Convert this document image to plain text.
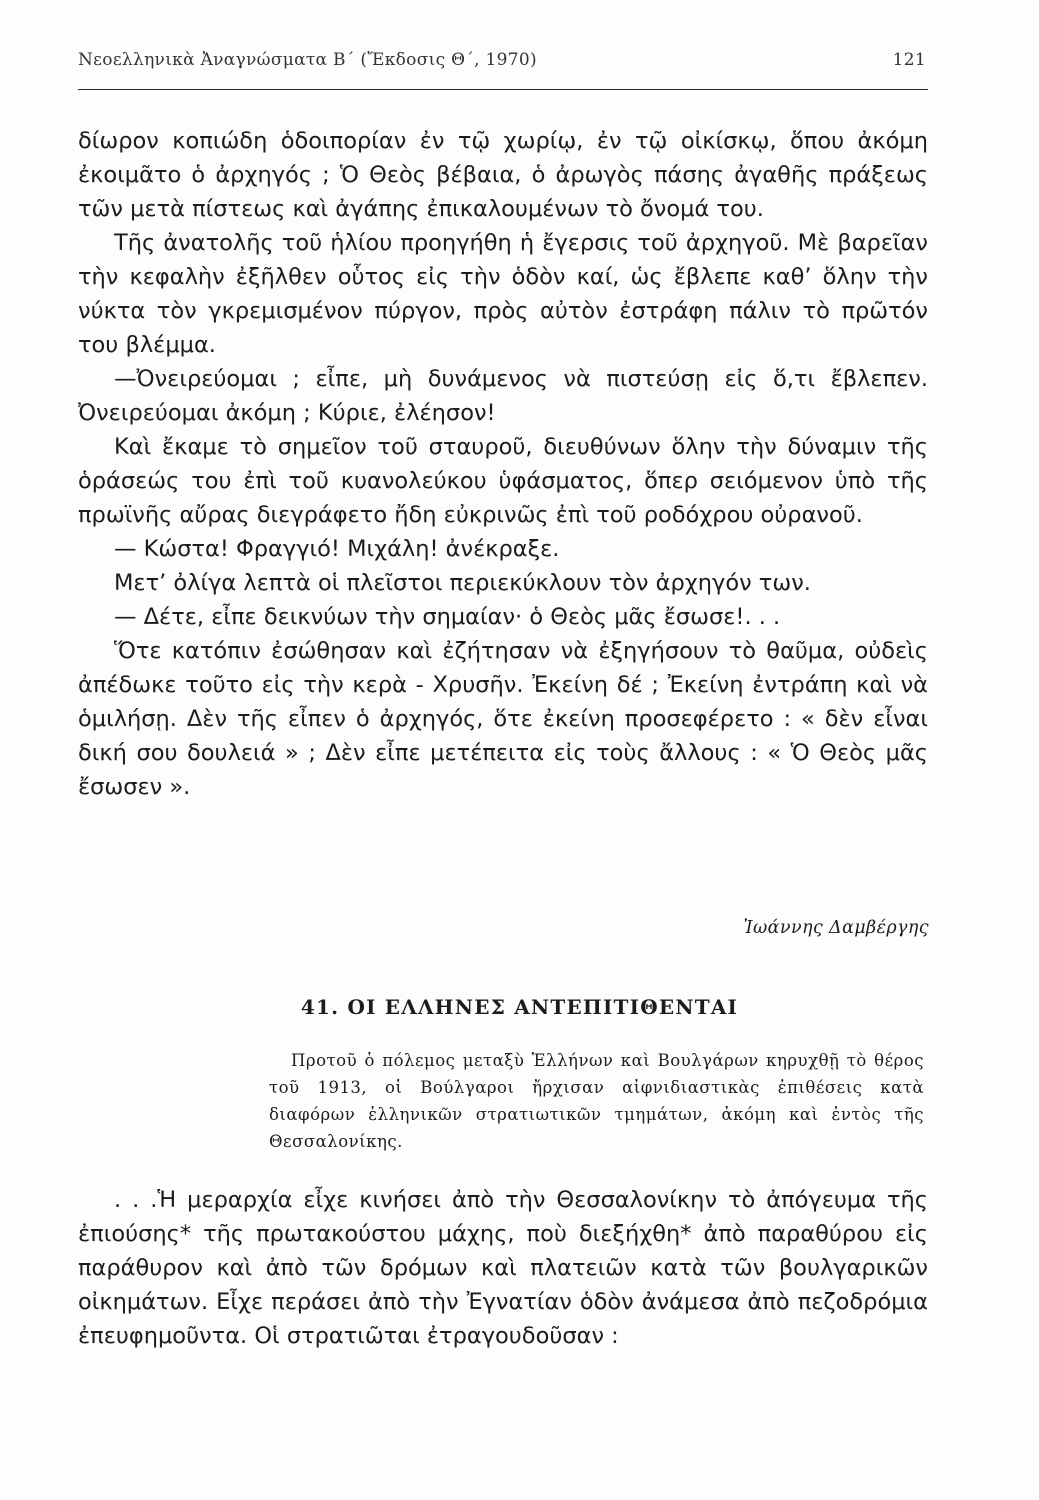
Νεοελληνικὰ Ἀναγνώσματα Β΄ (Ἔκδοσις Θ΄, 1970)	121

δίωρον κοπιώδη ὁδοιπορίαν ἐν τῷ χωρίῳ, ἐν τῷ οἰκίσκῳ, ὅπου ἀκόμη ἐκοιμᾶτο ὁ ἀρχηγός ; Ὁ Θεὸς βέβαια, ὁ ἀρωγὸς πάσης ἀγαθῆς πράξεως τῶν μετὰ πίστεως καὶ ἀγάπης ἐπικαλουμένων τὸ ὄνομά του.

Τῆς ἀνατολῆς τοῦ ἡλίου προηγήθη ἡ ἔγερσις τοῦ ἀρχηγοῦ. Μὲ βαρεῖαν τὴν κεφαλὴν ἐξῆλθεν οὗτος εἰς τὴν ὁδὸν καί, ὡς ἔβλεπε καθ’ ὅλην τὴν νύκτα τὸν γκρεμισμένον πύργον, πρὸς αὐτὸν ἐστράφη πάλιν τὸ πρῶτόν του βλέμμα.

—Ὀνειρεύομαι ; εἶπε, μὴ δυνάμενος νὰ πιστεύσῃ εἰς ὅ,τι ἔβλεπεν. Ὀνειρεύομαι ἀκόμη ; Κύριε, ἐλέησον!

Καὶ ἔκαμε τὸ σημεῖον τοῦ σταυροῦ, διευθύνων ὅλην τὴν δύναμιν τῆς ὁράσεώς του ἐπὶ τοῦ κυανολεύκου ὑφάσματος, ὅπερ σειόμενον ὑπὸ τῆς πρωϊνῆς αὔρας διεγράφετο ἤδη εὐκρινῶς ἐπὶ τοῦ ροδόχρου οὐρανοῦ.

— Κώστα! Φραγγιό! Μιχάλη! ἀνέκραξε.

Μετ’ ὀλίγα λεπτὰ οἱ πλεῖστοι περιεκύκλουν τὸν ἀρχηγόν των.

— Δέτε, εἶπε δεικνύων τὴν σημαίαν· ὁ Θεὸς μᾶς ἔσωσε!. . .

Ὅτε κατόπιν ἐσώθησαν καὶ ἐζήτησαν νὰ ἐξηγήσουν τὸ θαῦμα, οὐδεὶς ἀπέδωκε τοῦτο εἰς τὴν κερὰ - Χρυσῆν. Ἐκείνη δέ ; Ἐκείνη ἐντράπη καὶ νὰ ὁμιλήσῃ. Δὲν τῆς εἶπεν ὁ ἀρχηγός, ὅτε ἐκείνη προσεφέρετο : « δὲν εἶναι δική σου δουλειά » ; Δὲν εἶπε μετέπειτα εἰς τοὺς ἄλλους : « Ὁ Θεὸς μᾶς ἔσωσεν ».

Ἰωάννης Δαμβέργης
41. ΟΙ ΕΛΛΗΝΕΣ ΑΝΤΕΠΙΤΙΘΕΝΤΑΙ

Πρ​οτοῦ ὁ πόλεμος μεταξὺ Ἑλλήνων καὶ Βουλγάρων κηρυχθῇ τὸ θέρος τοῦ 1913, οἱ Βούλγαροι ἤρχισαν αἰφνιδιαστικὰς ἐπιθέσεις κατὰ διαφόρων ἑλληνικῶν στρατιωτικῶν τμημάτων, ἀκόμη καὶ ἐντὸς τῆς Θεσσαλονίκης.

. . .Ἡ μεραρχία εἶχε κινήσει ἀπὸ τὴν Θεσσαλονίκην τὸ ἀπόγευμα τῆς ἐπιούσης* τῆς πρωτακούστου μάχης, ποὺ διεξήχθη* ἀπὸ παραθύρου εἰς παράθυρον καὶ ἀπὸ τῶν δρόμων καὶ πλατειῶν κατὰ τῶν βουλγαρικῶν οἰκημάτων. Εἶχε περάσει ἀπὸ τὴν Ἐγνατίαν ὁδὸν ἀνάμεσα ἀπὸ πεζοδρόμια ἐπευφημοῦντα. Οἱ στρατιῶται ἐτραγουδοῦσαν :
